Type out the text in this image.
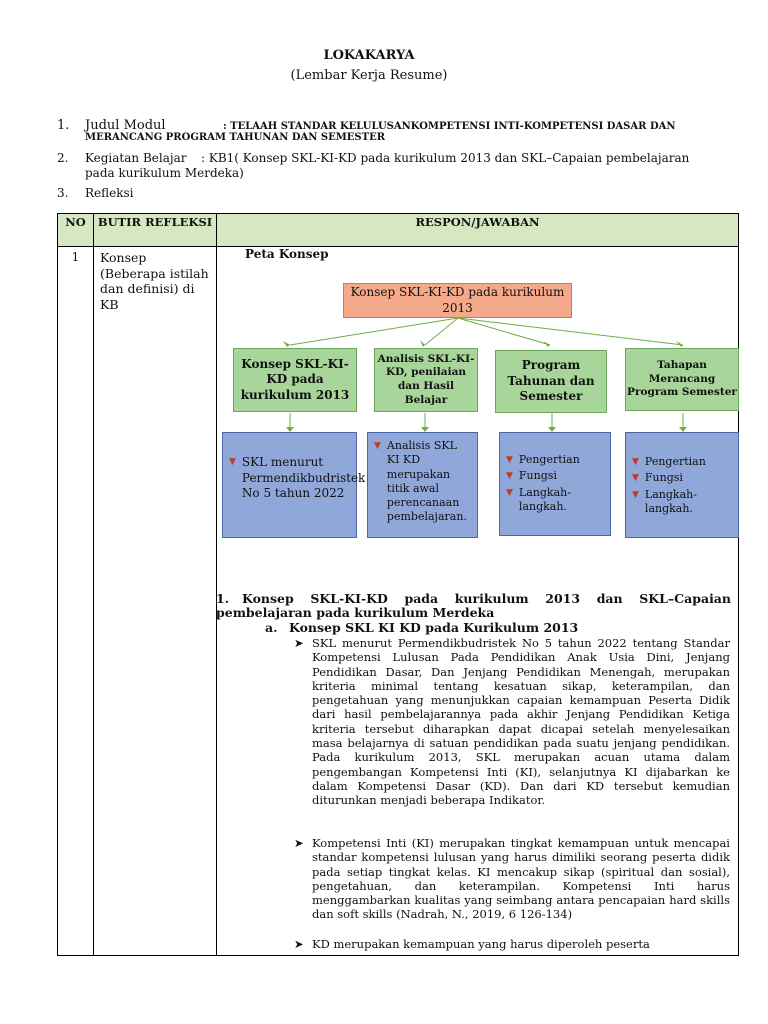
LOKAKARYA
(Lembar Kerja Resume)
1. Judul Modul	: TELAAH STANDAR KELULUSANKOMPETENSI INTI-KOMPETENSI DASAR DAN
MERANCANG PROGRAM TAHUNAN DAN SEMESTER
2. Kegiatan Belajar : KB1( Konsep SKL-KI-KD pada kurikulum 2013 dan SKL–Capaian pembelajaran
pada kurikulum Merdeka)
3. Refleksi
NO	BUTIR REFLEKSI	RESPON/JAWABAN
1	Konsep (Beberapa istilah dan definisi) di KB	
Peta Konsep
Konsep SKL-KI-KD pada kurikulum 2013
Konsep SKL-KI-KD pada kurikulum 2013
Analisis SKL-KI-KD, penilaian dan Hasil Belajar
Program Tahunan dan Semester
Tahapan Merancang Program Semester
▼ SKL menurut Permendikbudristek No 5 tahun 2022
▼ Analisis SKL KI KD merupakan titik awal perencanaan pembelajaran.
▼ Pengertian
▼ Fungsi
▼ Langkah-langkah.
▼ Pengertian
▼ Fungsi
▼ Langkah-langkah.
1. Konsep SKL-KI-KD pada kurikulum 2013 dan SKL–Capaian pembelajaran pada kurikulum Merdeka
a. Konsep SKL KI KD pada Kurikulum 2013
➤ SKL menurut Permendikbudristek No 5 tahun 2022 tentang Standar Kompetensi Lulusan Pada Pendidikan Anak Usia Dini, Jenjang Pendidikan Dasar, Dan Jenjang Pendidikan Menengah, merupakan kriteria minimal tentang kesatuan sikap, keterampilan, dan pengetahuan yang menunjukkan capaian kemampuan Peserta Didik dari hasil pembelajarannya pada akhir Jenjang Pendidikan Ketiga kriteria tersebut diharapkan dapat dicapai setelah menyelesaikan masa belajarnya di satuan pendidikan pada suatu jenjang pendidikan. Pada kurikulum 2013, SKL merupakan acuan utama dalam pengembangan Kompetensi Inti (KI), selanjutnya KI dijabarkan ke dalam Kompetensi Dasar (KD). Dan dari KD tersebut kemudian diturunkan menjadi beberapa Indikator.
➤ Kompetensi Inti (KI) merupakan tingkat kemampuan untuk mencapai standar kompetensi lulusan yang harus dimiliki seorang peserta didik pada setiap tingkat kelas. KI mencakup sikap (spiritual dan sosial), pengetahuan, dan keterampilan. Kompetensi Inti harus menggambarkan kualitas yang seimbang antara pencapaian hard skills dan soft skills (Nadrah, N., 2019, 6 126-134)
➤ KD merupakan kemampuan yang harus diperoleh peserta
